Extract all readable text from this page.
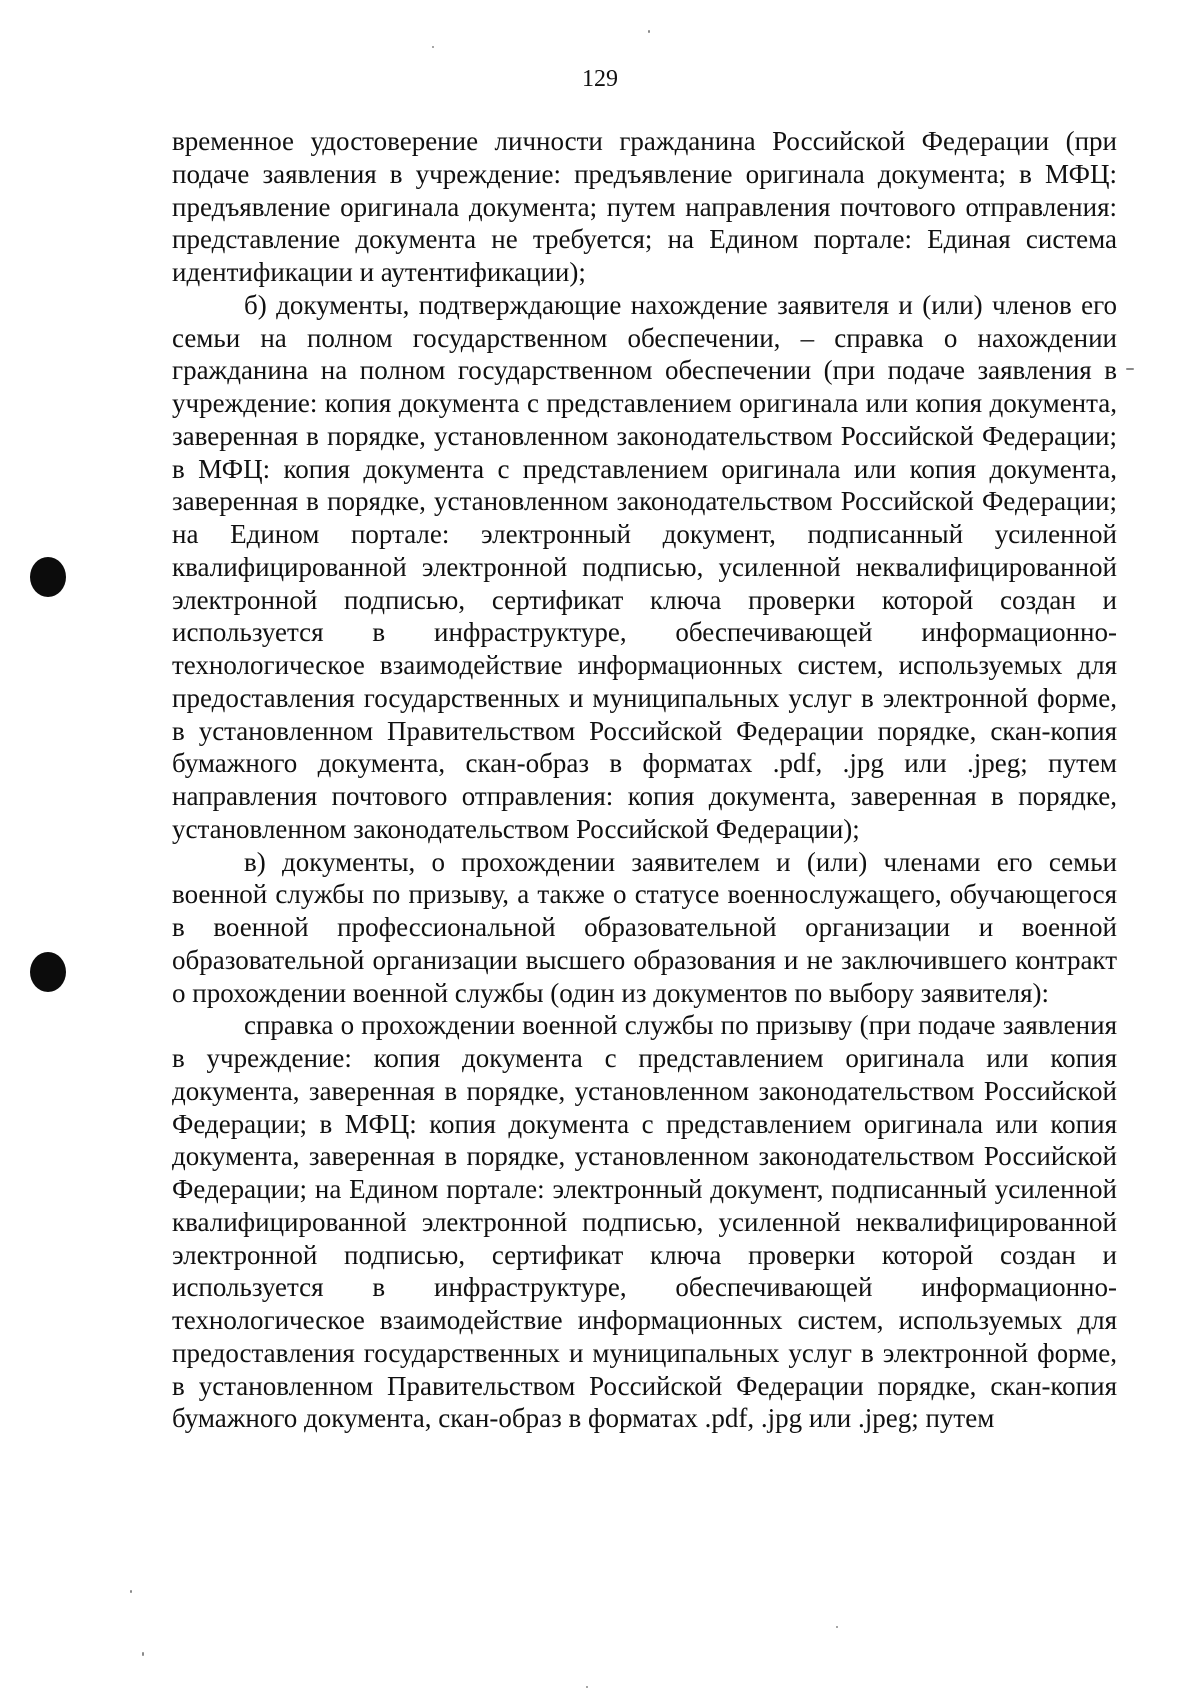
129

временное удостоверение личности гражданина Российской Федерации (при подаче заявления в учреждение: предъявление оригинала документа; в МФЦ: предъявление оригинала документа; путем направления почтового отправления: представление документа не требуется; на Едином портале: Единая система идентификации и аутентификации);

б) документы, подтверждающие нахождение заявителя и (или) членов его семьи на полном государственном обеспечении, – справка о нахождении гражданина на полном государственном обеспечении (при подаче заявления в учреждение: копия документа с представлением оригинала или копия документа, заверенная в порядке, установленном законодательством Российской Федерации; в МФЦ: копия документа с представлением оригинала или копия документа, заверенная в порядке, установленном законодательством Российской Федерации; на Едином портале: электронный документ, подписанный усиленной квалифицированной электронной подписью, усиленной неквалифицированной электронной подписью, сертификат ключа проверки которой создан и используется в инфраструктуре, обеспечивающей информационно-технологическое взаимодействие информационных систем, используемых для предоставления государственных и муниципальных услуг в электронной форме, в установленном Правительством Российской Федерации порядке, скан-копия бумажного документа, скан-образ в форматах .pdf, .jpg или .jpeg; путем направления почтового отправления: копия документа, заверенная в порядке, установленном законодательством Российской Федерации);

в) документы, о прохождении заявителем и (или) членами его семьи военной службы по призыву, а также о статусе военнослужащего, обучающегося в военной профессиональной образовательной организации и военной образовательной организации высшего образования и не заключившего контракт о прохождении военной службы (один из документов по выбору заявителя):

справка о прохождении военной службы по призыву (при подаче заявления в учреждение: копия документа с представлением оригинала или копия документа, заверенная в порядке, установленном законодательством Российской Федерации; в МФЦ: копия документа с представлением оригинала или копия документа, заверенная в порядке, установленном законодательством Российской Федерации; на Едином портале: электронный документ, подписанный усиленной квалифицированной электронной подписью, усиленной неквалифицированной электронной подписью, сертификат ключа проверки которой создан и используется в инфраструктуре, обеспечивающей информационно-технологическое взаимодействие информационных систем, используемых для предоставления государственных и муниципальных услуг в электронной форме, в установленном Правительством Российской Федерации порядке, скан-копия бумажного документа, скан-образ в форматах .pdf, .jpg или .jpeg; путем
